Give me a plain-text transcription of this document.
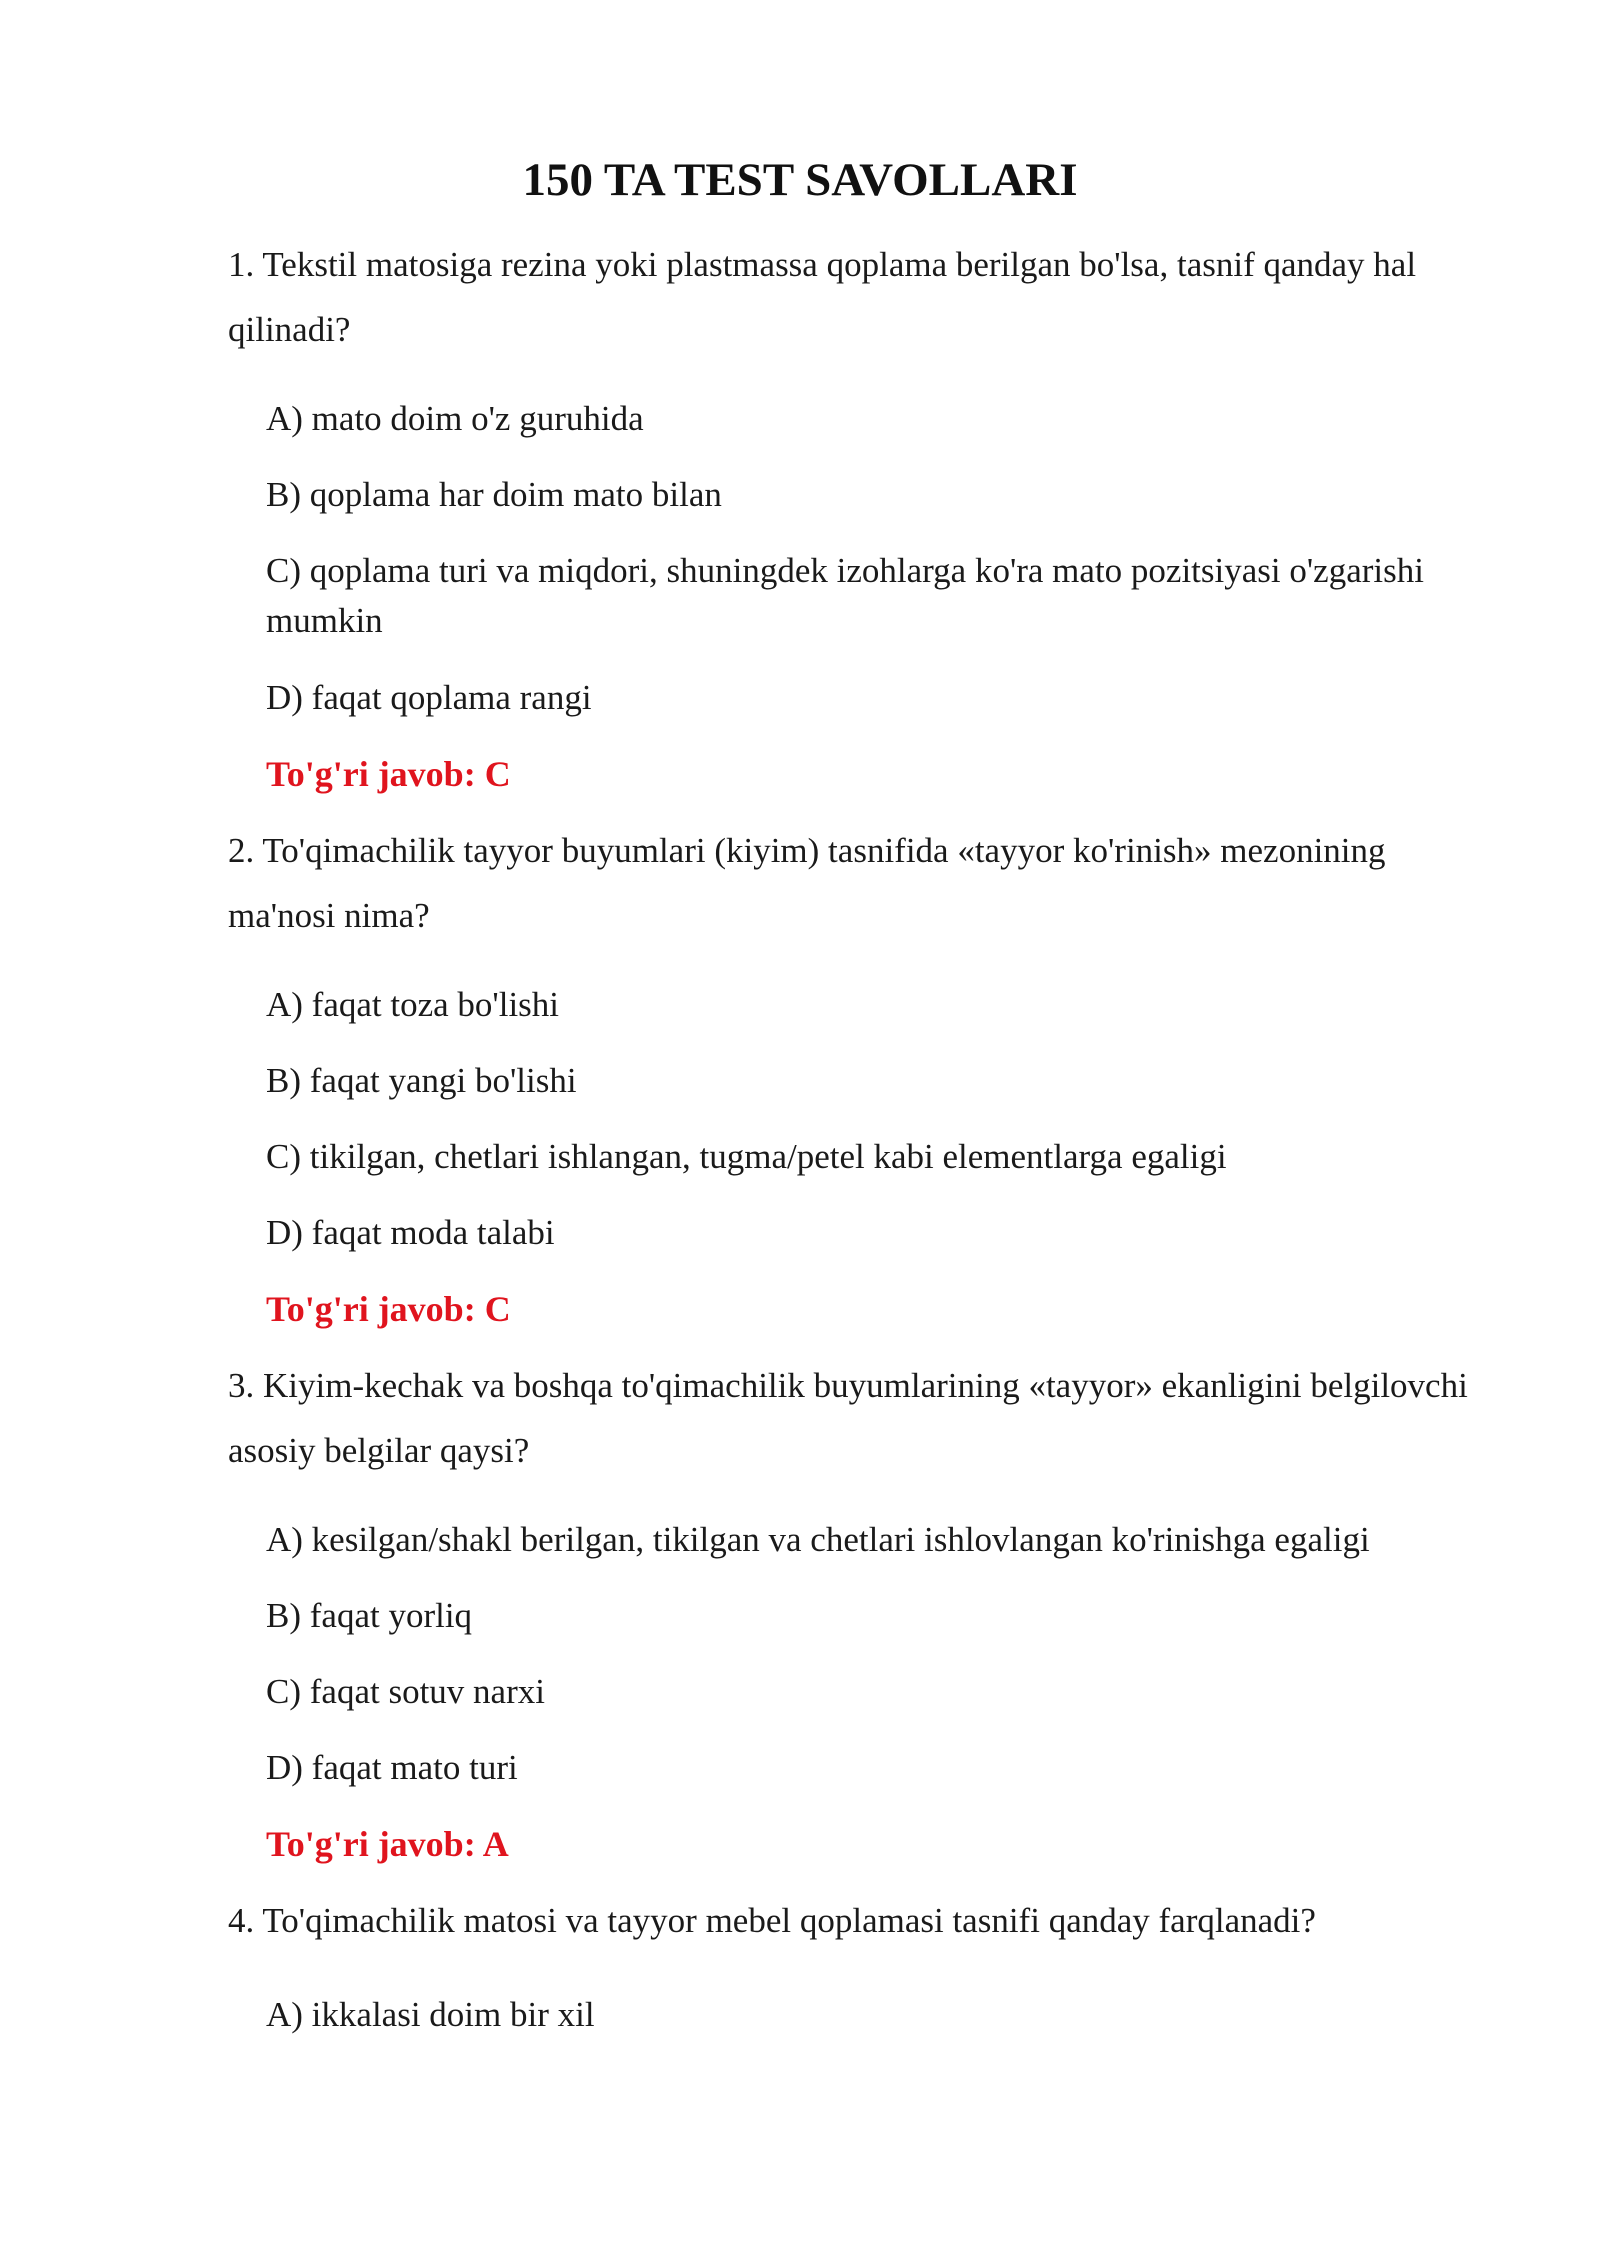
150 TA TEST SAVOLLARI
1. Tekstil matosiga rezina yoki plastmassa qoplama berilgan bo'lsa, tasnif qanday hal qilinadi?
A) mato doim o'z guruhida
B) qoplama har doim mato bilan
C) qoplama turi va miqdori, shuningdek izohlarga ko'ra mato pozitsiyasi o'zgarishi mumkin
D) faqat qoplama rangi
To'g'ri javob: C
2. To'qimachilik tayyor buyumlari (kiyim) tasnifida «tayyor ko'rinish» mezonining ma'nosi nima?
A) faqat toza bo'lishi
B) faqat yangi bo'lishi
C) tikilgan, chetlari ishlangan, tugma/petel kabi elementlarga egaligi
D) faqat moda talabi
To'g'ri javob: C
3. Kiyim-kechak va boshqa to'qimachilik buyumlarining «tayyor» ekanligini belgilovchi asosiy belgilar qaysi?
A) kesilgan/shakl berilgan, tikilgan va chetlari ishlovlangan ko'rinishga egaligi
B) faqat yorliq
C) faqat sotuv narxi
D) faqat mato turi
To'g'ri javob: A
4. To'qimachilik matosi va tayyor mebel qoplamasi tasnifi qanday farqlanadi?
A) ikkalasi doim bir xil
